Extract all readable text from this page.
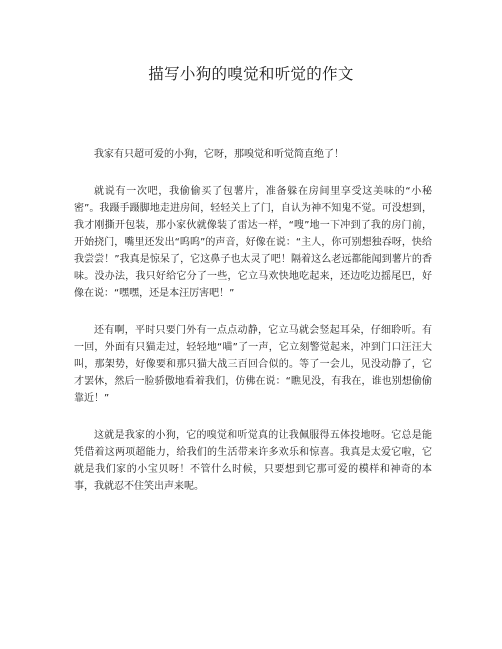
描写小狗的嗅觉和听觉的作文

我家有只超可爱的小狗，它呀，那嗅觉和听觉简直绝了！

就说有一次吧，我偷偷买了包薯片，准备躲在房间里享受这美味的“小秘密”。我蹑手蹑脚地走进房间，轻轻关上了门，自认为神不知鬼不觉。可没想到，我才刚撕开包装，那小家伙就像装了雷达一样，“嗖”地一下冲到了我的房门前，开始挠门，嘴里还发出“呜呜”的声音，好像在说：“主人，你可别想独吞呀，快给我尝尝！”我真是惊呆了，它这鼻子也太灵了吧！隔着这么老远都能闻到薯片的香味。没办法，我只好给它分了一些，它立马欢快地吃起来，还边吃边摇尾巴，好像在说：“嘿嘿，还是本汪厉害吧！”

还有啊，平时只要门外有一点点动静，它立马就会竖起耳朵，仔细聆听。有一回，外面有只猫走过，轻轻地“喵”了一声，它立刻警觉起来，冲到门口汪汪大叫，那架势，好像要和那只猫大战三百回合似的。等了一会儿，见没动静了，它才罢休，然后一脸骄傲地看着我们，仿佛在说：“瞧见没，有我在，谁也别想偷偷靠近！”

这就是我家的小狗，它的嗅觉和听觉真的让我佩服得五体投地呀。它总是能凭借着这两项超能力，给我们的生活带来许多欢乐和惊喜。我真是太爱它啦，它就是我们家的小宝贝呀！不管什么时候，只要想到它那可爱的模样和神奇的本事，我就忍不住笑出声来呢。
